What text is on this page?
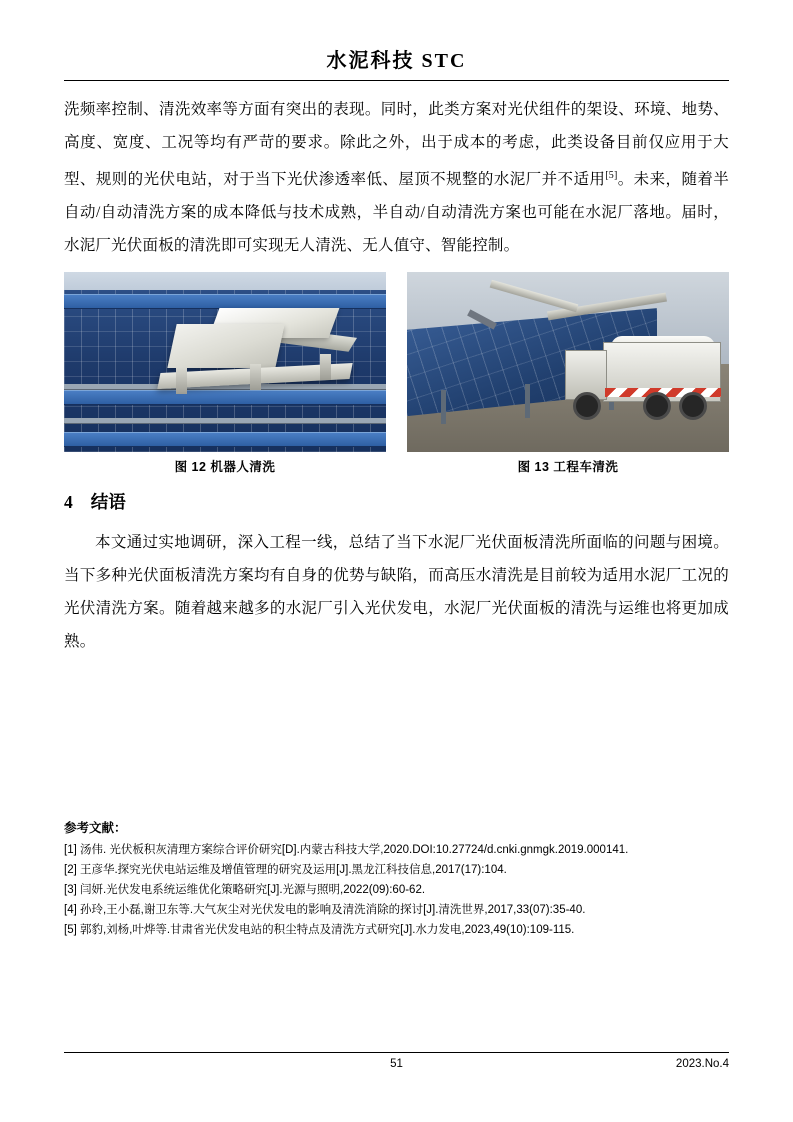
水泥科技 STC

洗频率控制、清洗效率等方面有突出的表现。同时，此类方案对光伏组件的架设、环境、地势、高度、宽度、工况等均有严苛的要求。除此之外，出于成本的考虑，此类设备目前仅应用于大型、规则的光伏电站，对于当下光伏渗透率低、屋顶不规整的水泥厂并不适用[5]。未来，随着半自动/自动清洗方案的成本降低与技术成熟，半自动/自动清洗方案也可能在水泥厂落地。届时，水泥厂光伏面板的清洗即可实现无人清洗、无人值守、智能控制。

图 12 机器人清洗	图 13 工程车清洗
4 结语

本文通过实地调研，深入工程一线，总结了当下水泥厂光伏面板清洗所面临的问题与困境。当下多种光伏面板清洗方案均有自身的优势与缺陷，而高压水清洗是目前较为适用水泥厂工况的光伏清洗方案。随着越来越多的水泥厂引入光伏发电，水泥厂光伏面板的清洗与运维也将更加成熟。

参考文献：
[1] 汤伟. 光伏板积灰清理方案综合评价研究[D].内蒙古科技大学,2020.DOI:10.27724/d.cnki.gnmgk.2019.000141.
[2] 王彦华.探究光伏电站运维及增值管理的研究及运用[J].黑龙江科技信息,2017(17):104.
[3] 闫妍.光伏发电系统运维优化策略研究[J].光源与照明,2022(09):60-62.
[4] 孙玲,王小磊,谢卫东等.大气灰尘对光伏发电的影响及清洗消除的探讨[J].清洗世界,2017,33(07):35-40.
[5] 郭豹,刘杨,叶烨等.甘肃省光伏发电站的积尘特点及清洗方式研究[J].水力发电,2023,49(10):109-115.
51	2023.No.4
